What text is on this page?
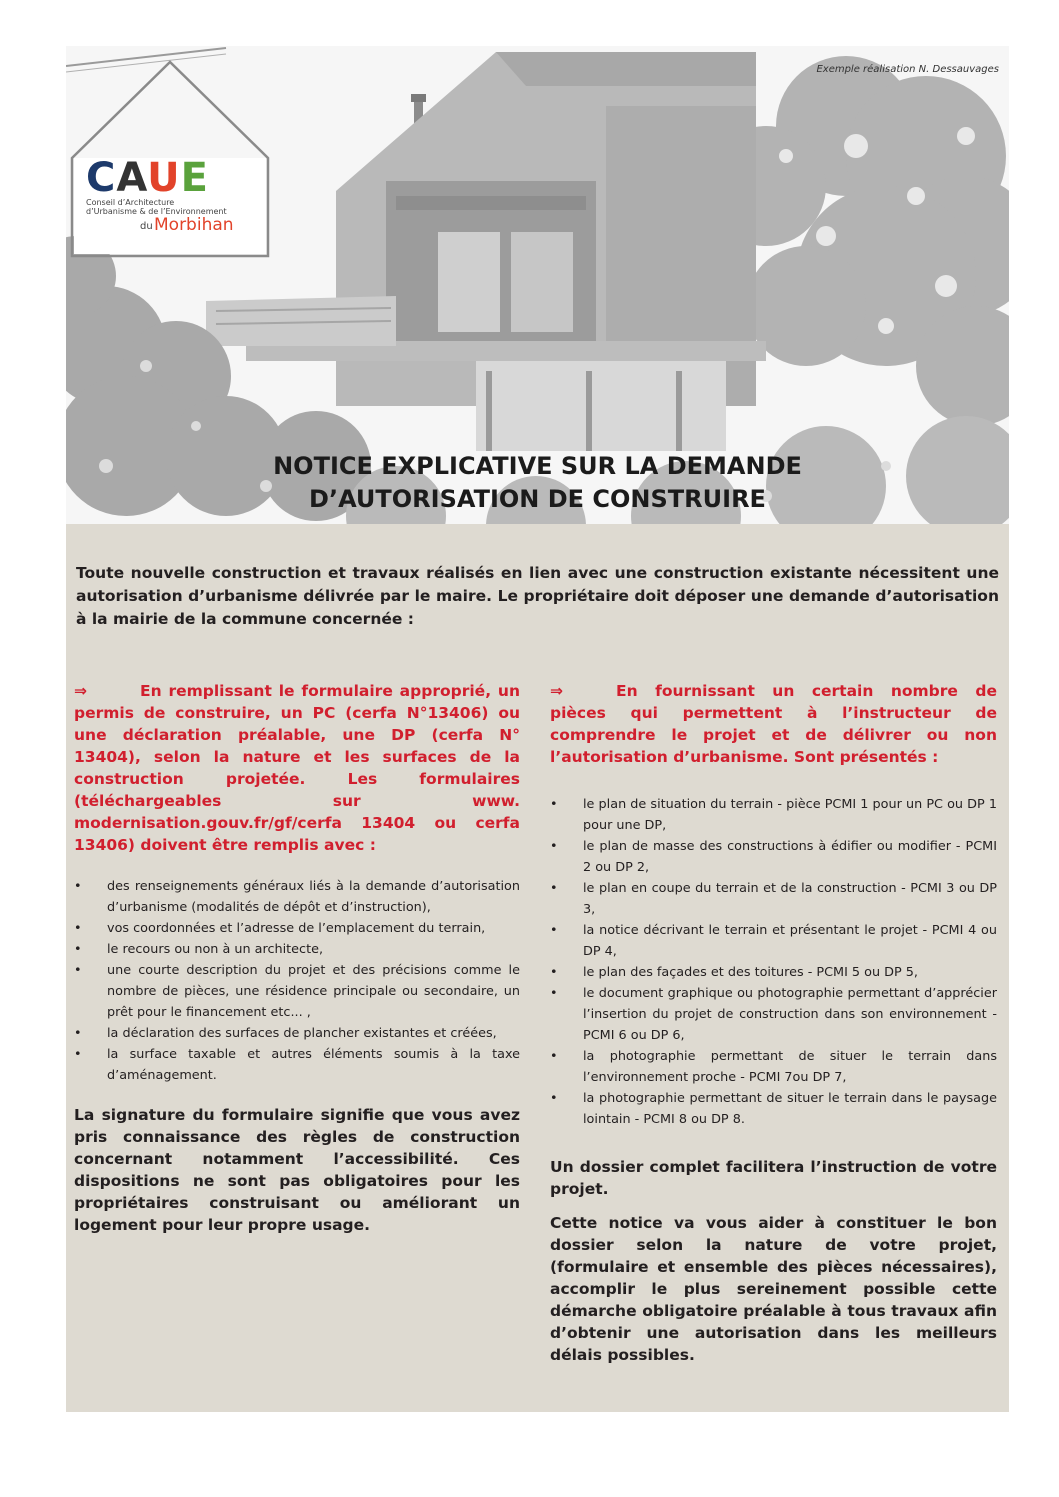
Exemple réalisation N. Dessauvages
CAUE
Conseil d’Architecture
d’Urbanisme & de l’Environnement
du Morbihan
NOTICE EXPLICATIVE SUR LA DEMANDE
D’AUTORISATION DE CONSTRUIRE
Toute nouvelle construction et travaux réalisés en lien avec une construction existante nécessitent une autorisation d’urbanisme délivrée par le maire. Le propriétaire doit déposer une demande d’autorisation à la mairie de la commune concernée :

⇒	En remplissant le formulaire approprié, un permis de construire, un PC (cerfa N°13406) ou une déclaration préalable, une DP (cerfa N° 13404), selon la nature et les surfaces de la construction projetée. Les formulaires (téléchargeables sur www. modernisation.gouv.fr/gf/cerfa 13404 ou cerfa 13406) doivent être remplis avec :

• des renseignements généraux liés à la demande d’autorisation d’urbanisme (modalités de dépôt et d’instruction),
• vos coordonnées et l’adresse de l’emplacement du terrain,
• le recours ou non à un architecte,
• une courte description du projet et des précisions comme le nombre de pièces, une résidence principale ou secondaire, un prêt pour le financement etc... ,
• la déclaration des surfaces de plancher existantes et créées,
• la surface taxable et autres éléments soumis à la taxe d’aménagement.

La signature du formulaire signifie que vous avez pris connaissance des règles de construction concernant notamment l’accessibilité. Ces dispositions ne sont pas obligatoires pour les propriétaires construisant ou améliorant un logement pour leur propre usage.

⇒	En fournissant un certain nombre de pièces qui permettent à l’instructeur de comprendre le projet et de délivrer ou non l’autorisation d’urbanisme. Sont présentés :

• le plan de situation du terrain - pièce PCMI 1 pour un PC ou DP 1 pour une DP,
• le plan de masse des constructions à édifier ou modifier - PCMI 2 ou DP 2,
• le plan en coupe du terrain et de la construction - PCMI 3 ou DP 3,
• la notice décrivant le terrain et présentant le projet - PCMI 4 ou DP 4,
• le plan des façades et des toitures - PCMI 5 ou DP 5,
• le document graphique ou photographie permettant d’apprécier l’insertion du projet de construction dans son environnement - PCMI 6 ou DP 6,
• la photographie permettant de situer le terrain dans l’environnement proche - PCMI 7ou DP 7,
• la photographie permettant de situer le terrain dans le paysage lointain - PCMI 8 ou DP 8.

Un dossier complet facilitera l’instruction de votre projet.

Cette notice va vous aider à constituer le bon dossier selon la nature de votre projet, (formulaire et ensemble des pièces nécessaires), accomplir le plus sereinement possible cette démarche obligatoire préalable à tous travaux afin d’obtenir une autorisation dans les meilleurs délais possibles.
